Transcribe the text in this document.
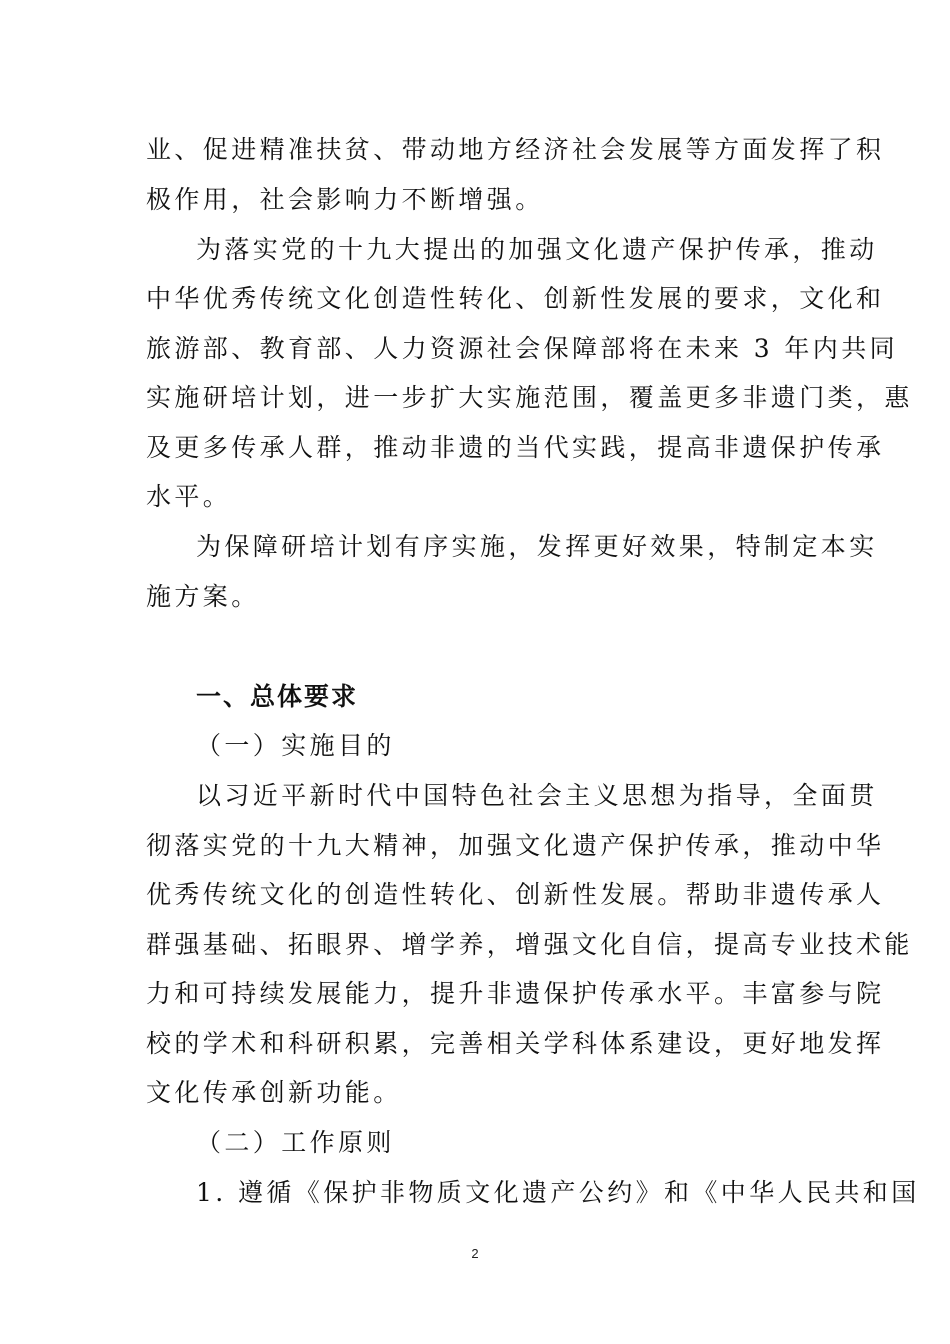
业、促进精准扶贫、带动地方经济社会发展等方面发挥了积
极作用，社会影响力不断增强。
为落实党的十九大提出的加强文化遗产保护传承，推动
中华优秀传统文化创造性转化、创新性发展的要求，文化和
旅游部、教育部、人力资源社会保障部将在未来 3 年内共同
实施研培计划，进一步扩大实施范围，覆盖更多非遗门类，惠
及更多传承人群，推动非遗的当代实践，提高非遗保护传承
水平。
为保障研培计划有序实施，发挥更好效果，特制定本实
施方案。
一、总体要求
（一）实施目的
以习近平新时代中国特色社会主义思想为指导，全面贯
彻落实党的十九大精神，加强文化遗产保护传承，推动中华
优秀传统文化的创造性转化、创新性发展。帮助非遗传承人
群强基础、拓眼界、增学养，增强文化自信，提高专业技术能
力和可持续发展能力，提升非遗保护传承水平。丰富参与院
校的学术和科研积累，完善相关学科体系建设，更好地发挥
文化传承创新功能。
（二）工作原则
1. 遵循《保护非物质文化遗产公约》和《中华人民共和国
2
